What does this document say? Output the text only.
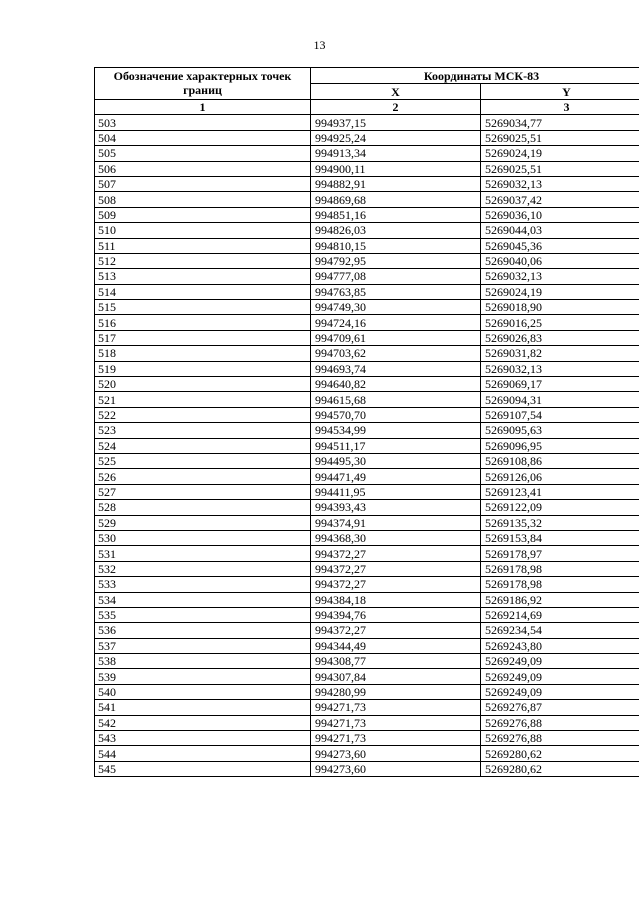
13
Обозначение характерных точек границ	Координаты МСК-83	
	X	Y
1	2	3
503	994937,15	5269034,77
504	994925,24	5269025,51
505	994913,34	5269024,19
506	994900,11	5269025,51
507	994882,91	5269032,13
508	994869,68	5269037,42
509	994851,16	5269036,10
510	994826,03	5269044,03
511	994810,15	5269045,36
512	994792,95	5269040,06
513	994777,08	5269032,13
514	994763,85	5269024,19
515	994749,30	5269018,90
516	994724,16	5269016,25
517	994709,61	5269026,83
518	994703,62	5269031,82
519	994693,74	5269032,13
520	994640,82	5269069,17
521	994615,68	5269094,31
522	994570,70	5269107,54
523	994534,99	5269095,63
524	994511,17	5269096,95
525	994495,30	5269108,86
526	994471,49	5269126,06
527	994411,95	5269123,41
528	994393,43	5269122,09
529	994374,91	5269135,32
530	994368,30	5269153,84
531	994372,27	5269178,97
532	994372,27	5269178,98
533	994372,27	5269178,98
534	994384,18	5269186,92
535	994394,76	5269214,69
536	994372,27	5269234,54
537	994344,49	5269243,80
538	994308,77	5269249,09
539	994307,84	5269249,09
540	994280,99	5269249,09
541	994271,73	5269276,87
542	994271,73	5269276,88
543	994271,73	5269276,88
544	994273,60	5269280,62
545	994273,60	5269280,62
